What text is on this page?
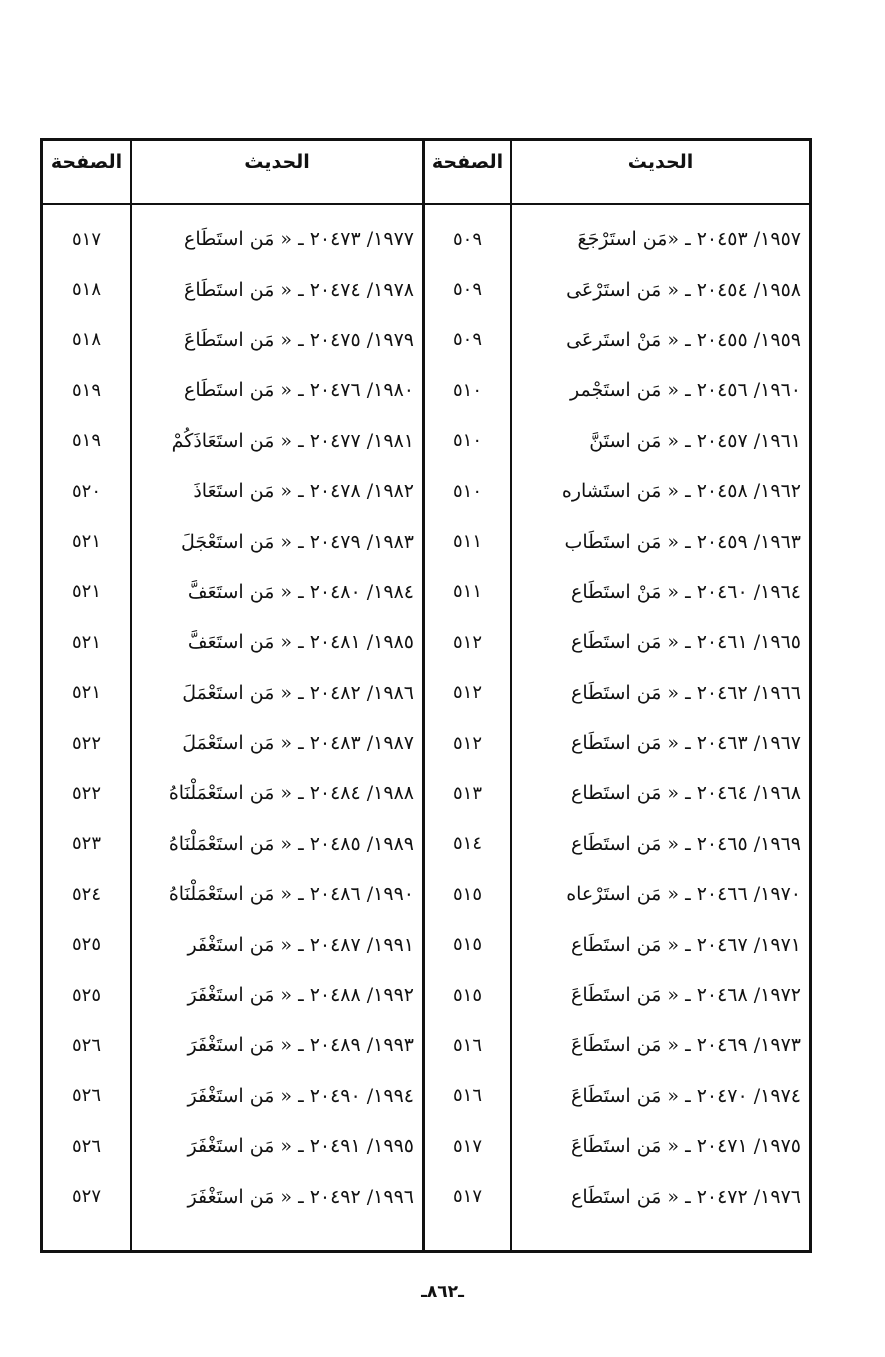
الحديث
١٩٥٧/ ٢٠٤٥٣ ـ «مَن استَرْجَعَ
١٩٥٨/ ٢٠٤٥٤ ـ « مَن استَرْعَى
١٩٥٩/ ٢٠٤٥٥ ـ « مَنْ استَرعَى
١٩٦٠/ ٢٠٤٥٦ ـ « مَن استَجْمر
١٩٦١/ ٢٠٤٥٧ ـ « مَن استَنَّ
١٩٦٢/ ٢٠٤٥٨ ـ « مَن استَشاره
١٩٦٣/ ٢٠٤٥٩ ـ « مَن استَطَاب
١٩٦٤/ ٢٠٤٦٠ ـ « مَنْ استَطَاع
١٩٦٥/ ٢٠٤٦١ ـ « مَن استَطَاع
١٩٦٦/ ٢٠٤٦٢ ـ « مَن استَطَاع
١٩٦٧/ ٢٠٤٦٣ ـ « مَن استَطَاع
١٩٦٨/ ٢٠٤٦٤ ـ « مَن استَطاع
١٩٦٩/ ٢٠٤٦٥ ـ « مَن استَطَاع
١٩٧٠/ ٢٠٤٦٦ ـ « مَن استَرْعاه
١٩٧١/ ٢٠٤٦٧ ـ « مَن استَطَاع
١٩٧٢/ ٢٠٤٦٨ ـ « مَن استَطَاعَ
١٩٧٣/ ٢٠٤٦٩ ـ « مَن استَطَاعَ
١٩٧٤/ ٢٠٤٧٠ ـ « مَن استَطَاعَ
١٩٧٥/ ٢٠٤٧١ ـ « مَن استَطَاعَ
١٩٧٦/ ٢٠٤٧٢ ـ « مَن استَطَاع
الصفحة
٥٠٩
٥٠٩
٥٠٩
٥١٠
٥١٠
٥١٠
٥١١
٥١١
٥١٢
٥١٢
٥١٢
٥١٣
٥١٤
٥١٥
٥١٥
٥١٥
٥١٦
٥١٦
٥١٧
٥١٧
الحديث
١٩٧٧/ ٢٠٤٧٣ ـ « مَن استَطَاع
١٩٧٨/ ٢٠٤٧٤ ـ « مَن استَطَاعَ
١٩٧٩/ ٢٠٤٧٥ ـ « مَن استَطَاعَ
١٩٨٠/ ٢٠٤٧٦ ـ « مَن استَطَاع
١٩٨١/ ٢٠٤٧٧ ـ « مَن استَعَاذَكُمْ
١٩٨٢/ ٢٠٤٧٨ ـ « مَن استَعَاذَ
١٩٨٣/ ٢٠٤٧٩ ـ « مَن استَعْجَلَ
١٩٨٤/ ٢٠٤٨٠ ـ « مَن استَعَفَّ
١٩٨٥/ ٢٠٤٨١ ـ « مَن استَعَفَّ
١٩٨٦/ ٢٠٤٨٢ ـ « مَن استَعْمَلَ
١٩٨٧/ ٢٠٤٨٣ ـ « مَن استَعْمَلَ
١٩٨٨/ ٢٠٤٨٤ ـ « مَن استَعْمَلْنَاهُ
١٩٨٩/ ٢٠٤٨٥ ـ « مَن استَعْمَلْنَاهُ
١٩٩٠/ ٢٠٤٨٦ ـ « مَن استَعْمَلْنَاهُ
١٩٩١/ ٢٠٤٨٧ ـ « مَن استَغْفَر
١٩٩٢/ ٢٠٤٨٨ ـ « مَن استَغْفَرَ
١٩٩٣/ ٢٠٤٨٩ ـ « مَن استَغْفَرَ
١٩٩٤/ ٢٠٤٩٠ ـ « مَن استَغْفَرَ
١٩٩٥/ ٢٠٤٩١ ـ « مَن استَغْفَرَ
١٩٩٦/ ٢٠٤٩٢ ـ « مَن استَغْفَرَ
الصفحة
٥١٧
٥١٨
٥١٨
٥١٩
٥١٩
٥٢٠
٥٢١
٥٢١
٥٢١
٥٢١
٥٢٢
٥٢٢
٥٢٣
٥٢٤
٥٢٥
٥٢٥
٥٢٦
٥٢٦
٥٢٦
٥٢٧
ـ٨٦٢ـ
